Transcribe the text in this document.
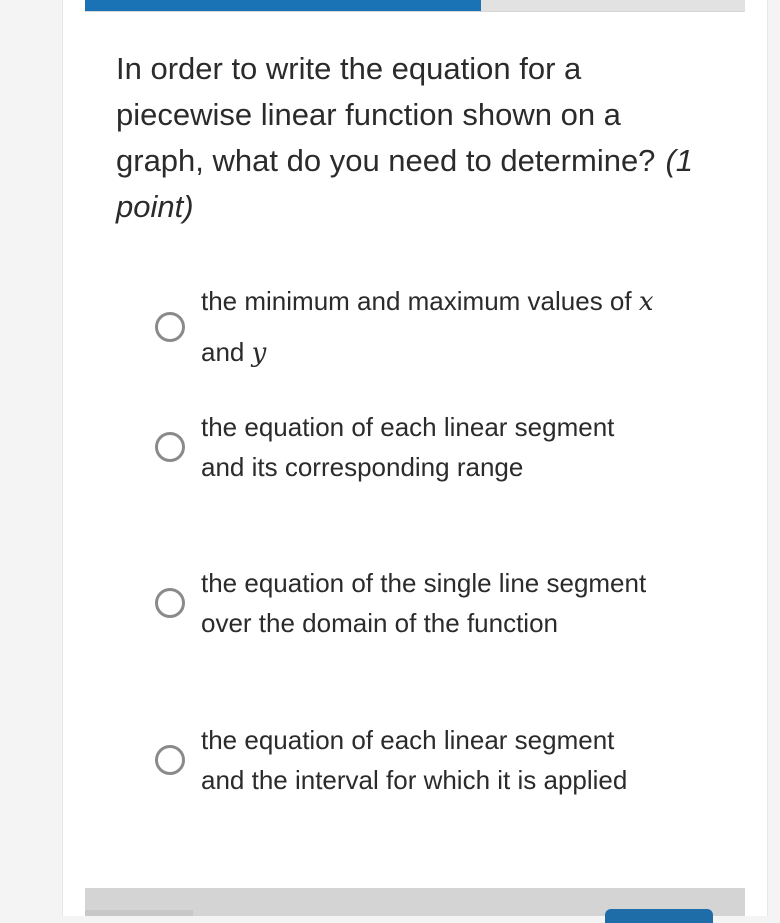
In order to write the equation for a piecewise linear function shown on a graph, what do you need to determine? (1 point)
the minimum and maximum values of x and y
the equation of each linear segment and its corresponding range
the equation of the single line segment over the domain of the function
the equation of each linear segment and the interval for which it is applied
